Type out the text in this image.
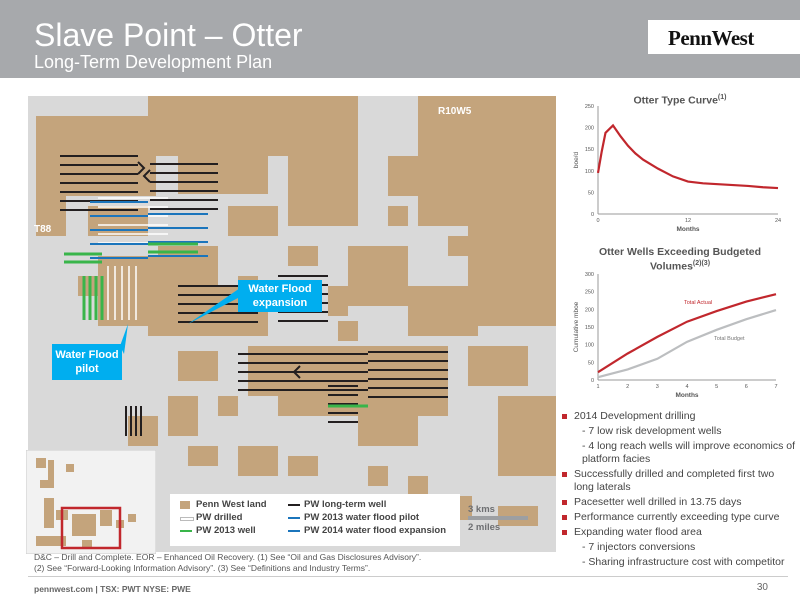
Slave Point – Otter
Long-Term Development Plan
PennWest
R10W5
T88
Water Flood expansion
Water Flood pilot
Penn West land	PW long-term well
PW drilled	PW 2013 water flood pilot
PW 2013 well	PW 2014 water flood expansion
3 kms
2 miles
Otter Type Curve$^{(1)}$
0
50
100
150
200
250
0	12	24
Months
boe/d
Otter Wells Exceeding Budgeted Volumes$^{(2)(3)}$
0
50
100
150
200
250
300
1	2	3	4	5	6	7
Months
Cumulative mboe	Total Actual
Total Budget
2014 Development drilling
- 7 low risk development wells
- 4 long reach wells will improve economics of platform facies
Successfully drilled and completed first two long laterals
Pacesetter well drilled in 13.75 days
Performance currently exceeding type curve
Expanding water flood area
- 7 injectors conversions
- Sharing infrastructure cost with competitor
D&C – Drill and Complete. EOR – Enhanced Oil Recovery. (1) See “Oil and Gas Disclosures Advisory”.
(2) See “Forward-Looking Information Advisory”. (3) See “Definitions and Industry Terms”.
pennwest.com | TSX: PWT NYSE: PWE	30
